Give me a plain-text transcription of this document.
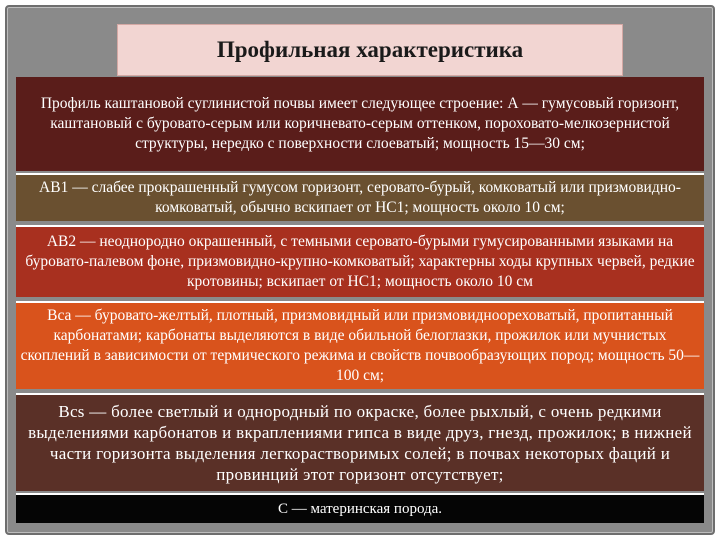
Профильная характеристика
Профиль каштановой суглинистой почвы имеет следующее строение: А — гумусовый горизонт, каштановый с буровато-серым или коричневато-серым оттенком, пороховато-мелкозернистой структуры, нередко с поверхности слоеватый; мощность 15—30 см;
АВ1 — слабее прокрашенный гумусом горизонт, серовато-бурый, комковатый или призмовидно-комковатый, обычно вскипает от НС1; мощность около 10 см;
АВ2 — неоднородно окрашенный, с темными серовато-бурыми гумусированными языками на буровато-палевом фоне, призмовидно-крупно-комковатый; характерны ходы крупных червей, редкие кротовины; вскипает от НС1; мощность около 10 см
Вса — буровато-желтый, плотный, призмовидный или призмовидноореховатый, пропитанный карбонатами; карбонаты выделяются в виде обильной белоглазки, прожилок или мучнистых скоплений в зависимости от термического режима и свойств почвообразующих пород; мощность 50—100 см;
Bcs — более светлый и однородный по окраске, более рыхлый, с очень редкими выделениями карбонатов и вкраплениями гипса в виде друз, гнезд, прожилок; в нижней части горизонта выделения легкорастворимых солей; в почвах некоторых фаций и провинций этот горизонт отсутствует;
С — материнская порода.
